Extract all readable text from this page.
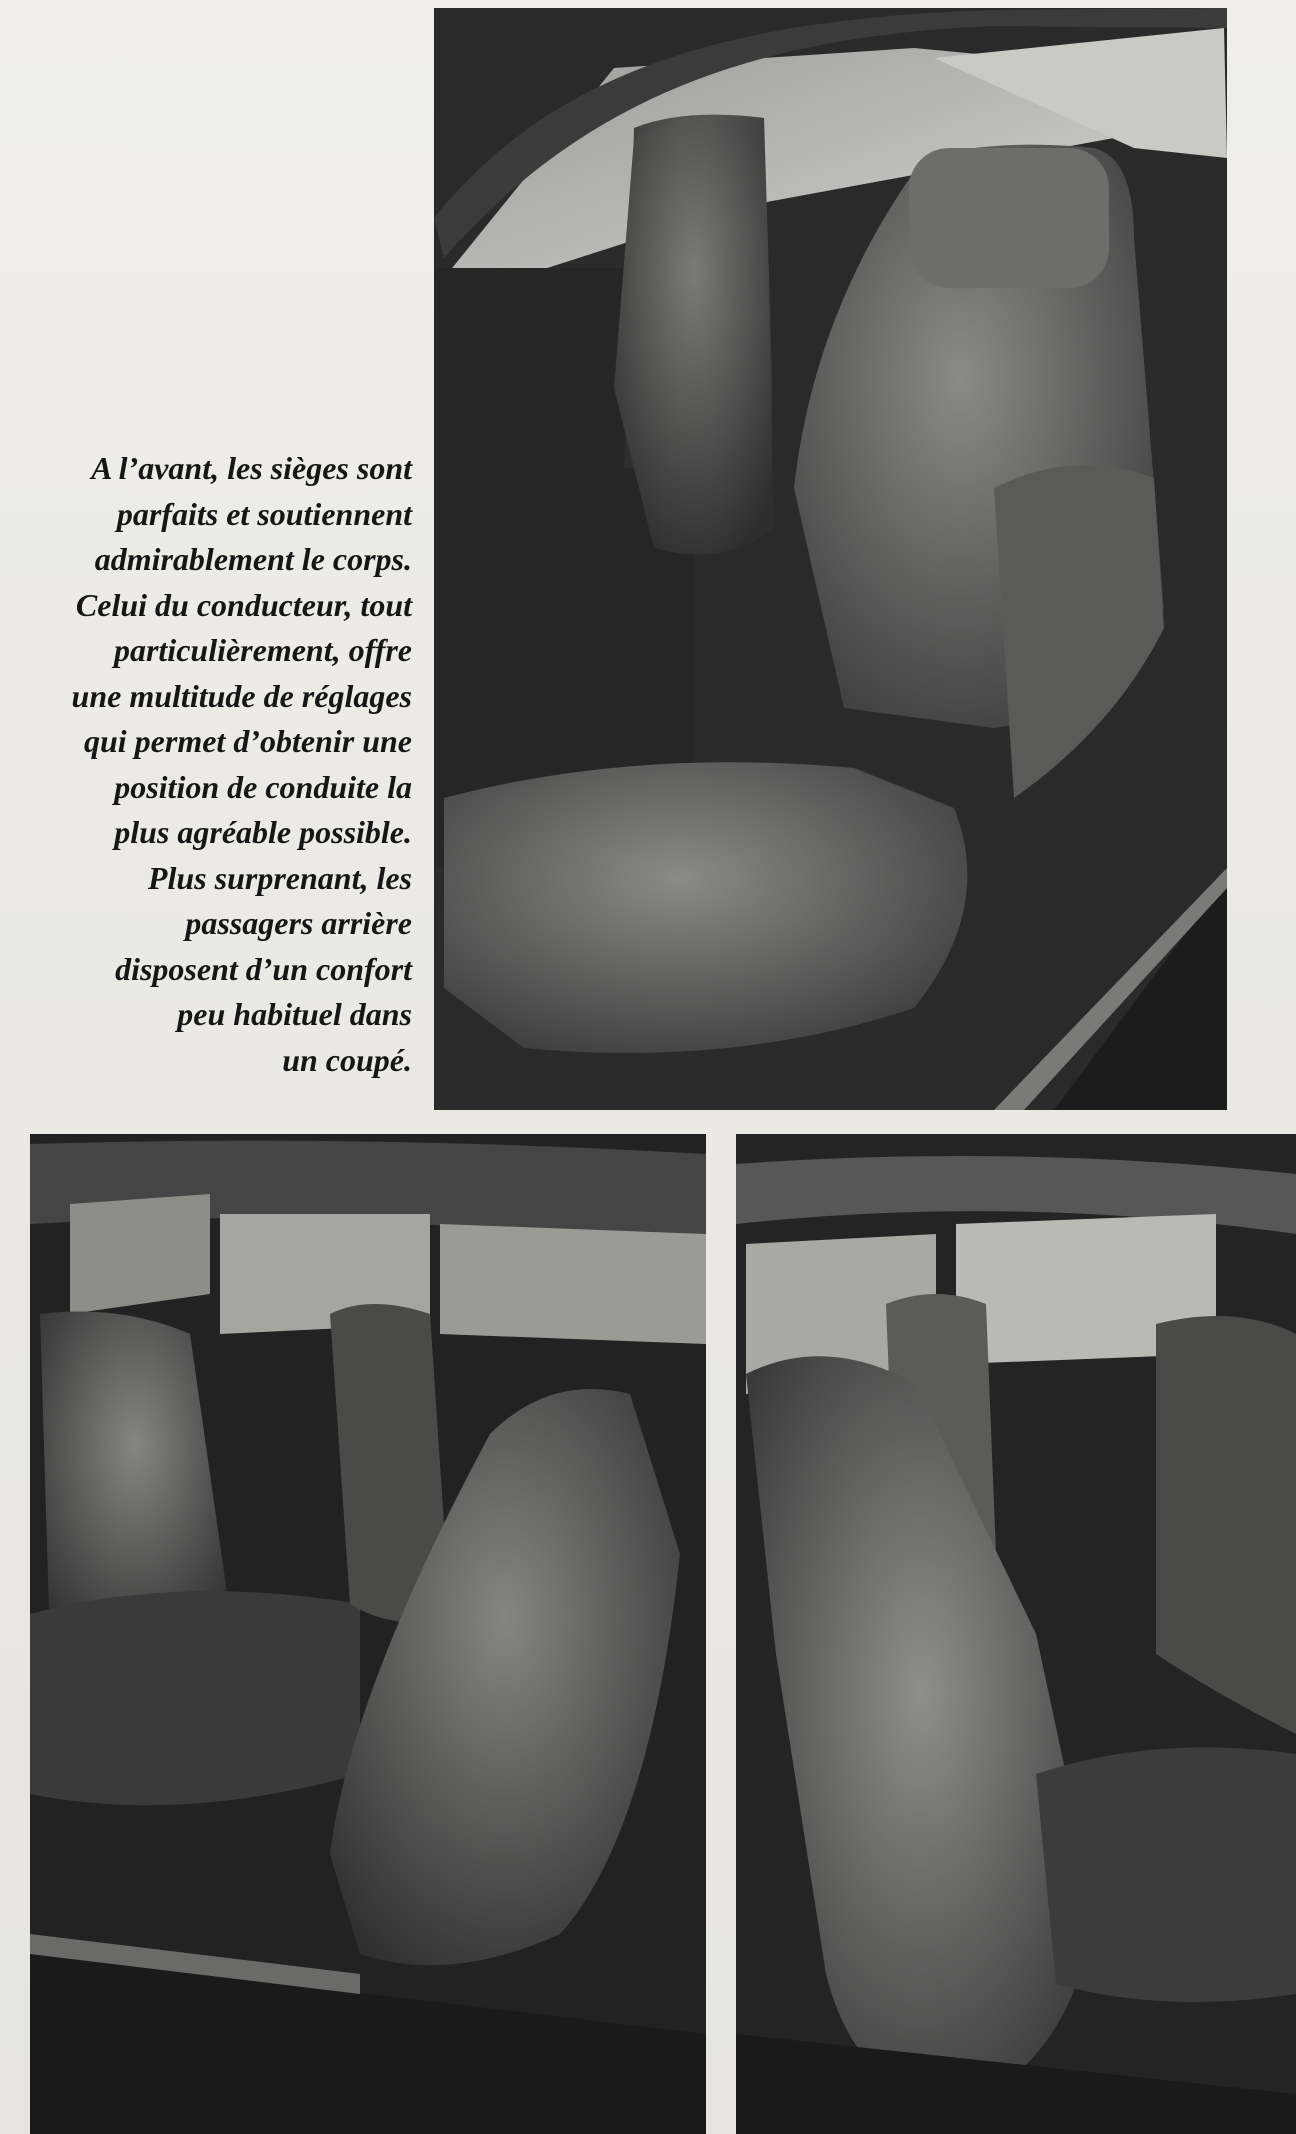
A l’avant, les sièges sont
parfaits et soutiennent
admirablement le corps.
Celui du conducteur, tout
particulièrement, offre
une multitude de réglages
qui permet d’obtenir une
position de conduite la
plus agréable possible.
Plus surprenant, les
passagers arrière
disposent d’un confort
peu habituel dans
un coupé.
